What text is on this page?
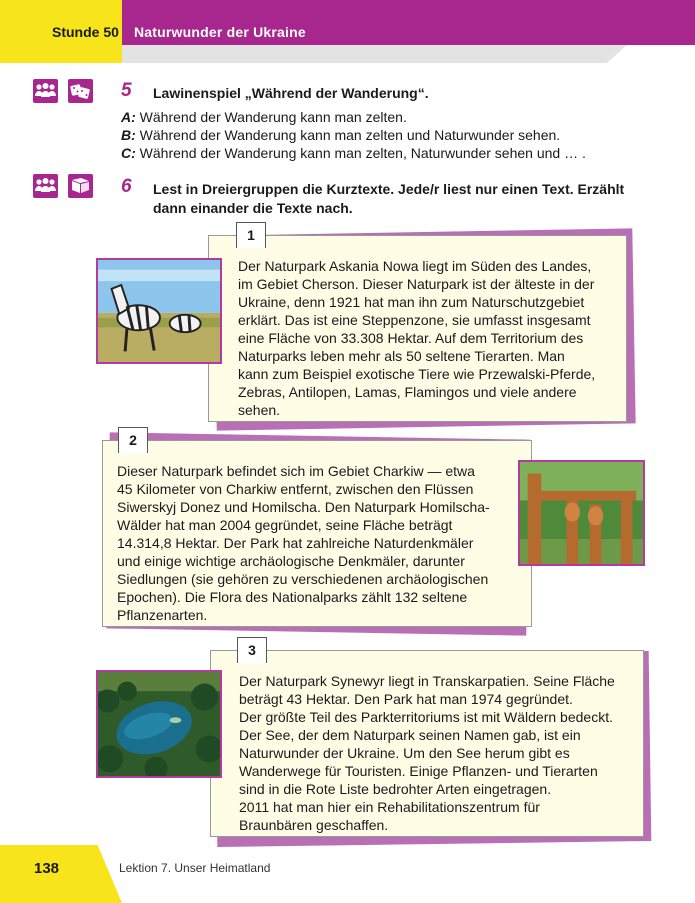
Stunde 50 Naturwunder der Ukraine
5 Lawinenspiel „Während der Wanderung“.
A: Während der Wanderung kann man zelten.
B: Während der Wanderung kann man zelten und Naturwunder sehen.
C: Während der Wanderung kann man zelten, Naturwunder sehen und … .
6 Lest in Dreiergruppen die Kurztexte. Jede/r liest nur einen Text. Erzählt dann einander die Texte nach.

Der Naturpark Askania Nowa liegt im Süden des Landes,

im Gebiet Cherson. Dieser Naturpark ist der älteste in der

Ukraine, denn 1921 hat man ihn zum Naturschutzgebiet

erklärt. Das ist eine Steppenzone, sie umfasst insgesamt

eine Fläche von 33.308 Hektar. Auf dem Territorium des

Naturparks leben mehr als 50 seltene Tierarten. Man

kann zum Beispiel exotische Tiere wie Przewalski-Pferde,

Zebras, Antilopen, Lamas, Flamingos und viele andere

sehen.

1

Dieser Naturpark befindet sich im Gebiet Charkiw — etwa

45 Kilometer von Charkiw entfernt, zwischen den Flüssen

Siwerskyj Donez und Homilscha. Den Naturpark Homilscha-

Wälder hat man 2004 gegründet, seine Fläche beträgt

14.314,8 Hektar. Der Park hat zahlreiche Naturdenkmäler

und einige wichtige archäologische Denkmäler, darunter

Siedlungen (sie gehören zu verschiedenen archäologischen

Epochen). Die Flora des Nationalparks zählt 132 seltene

Pflanzenarten.

2

Der Naturpark Synewyr liegt in Transkarpatien. Seine Fläche

beträgt 43 Hektar. Den Park hat man 1974 gegründet.

Der größte Teil des Parkterritoriums ist mit Wäldern bedeckt.

Der See, der dem Naturpark seinen Namen gab, ist ein

Naturwunder der Ukraine. Um den See herum gibt es

Wanderwege für Touristen. Einige Pflanzen- und Tierarten

sind in die Rote Liste bedrohter Arten eingetragen.

2011 hat man hier ein Rehabilitationszentrum für

Braunbären geschaffen.

3
138	Lektion 7. Unser Heimatland
